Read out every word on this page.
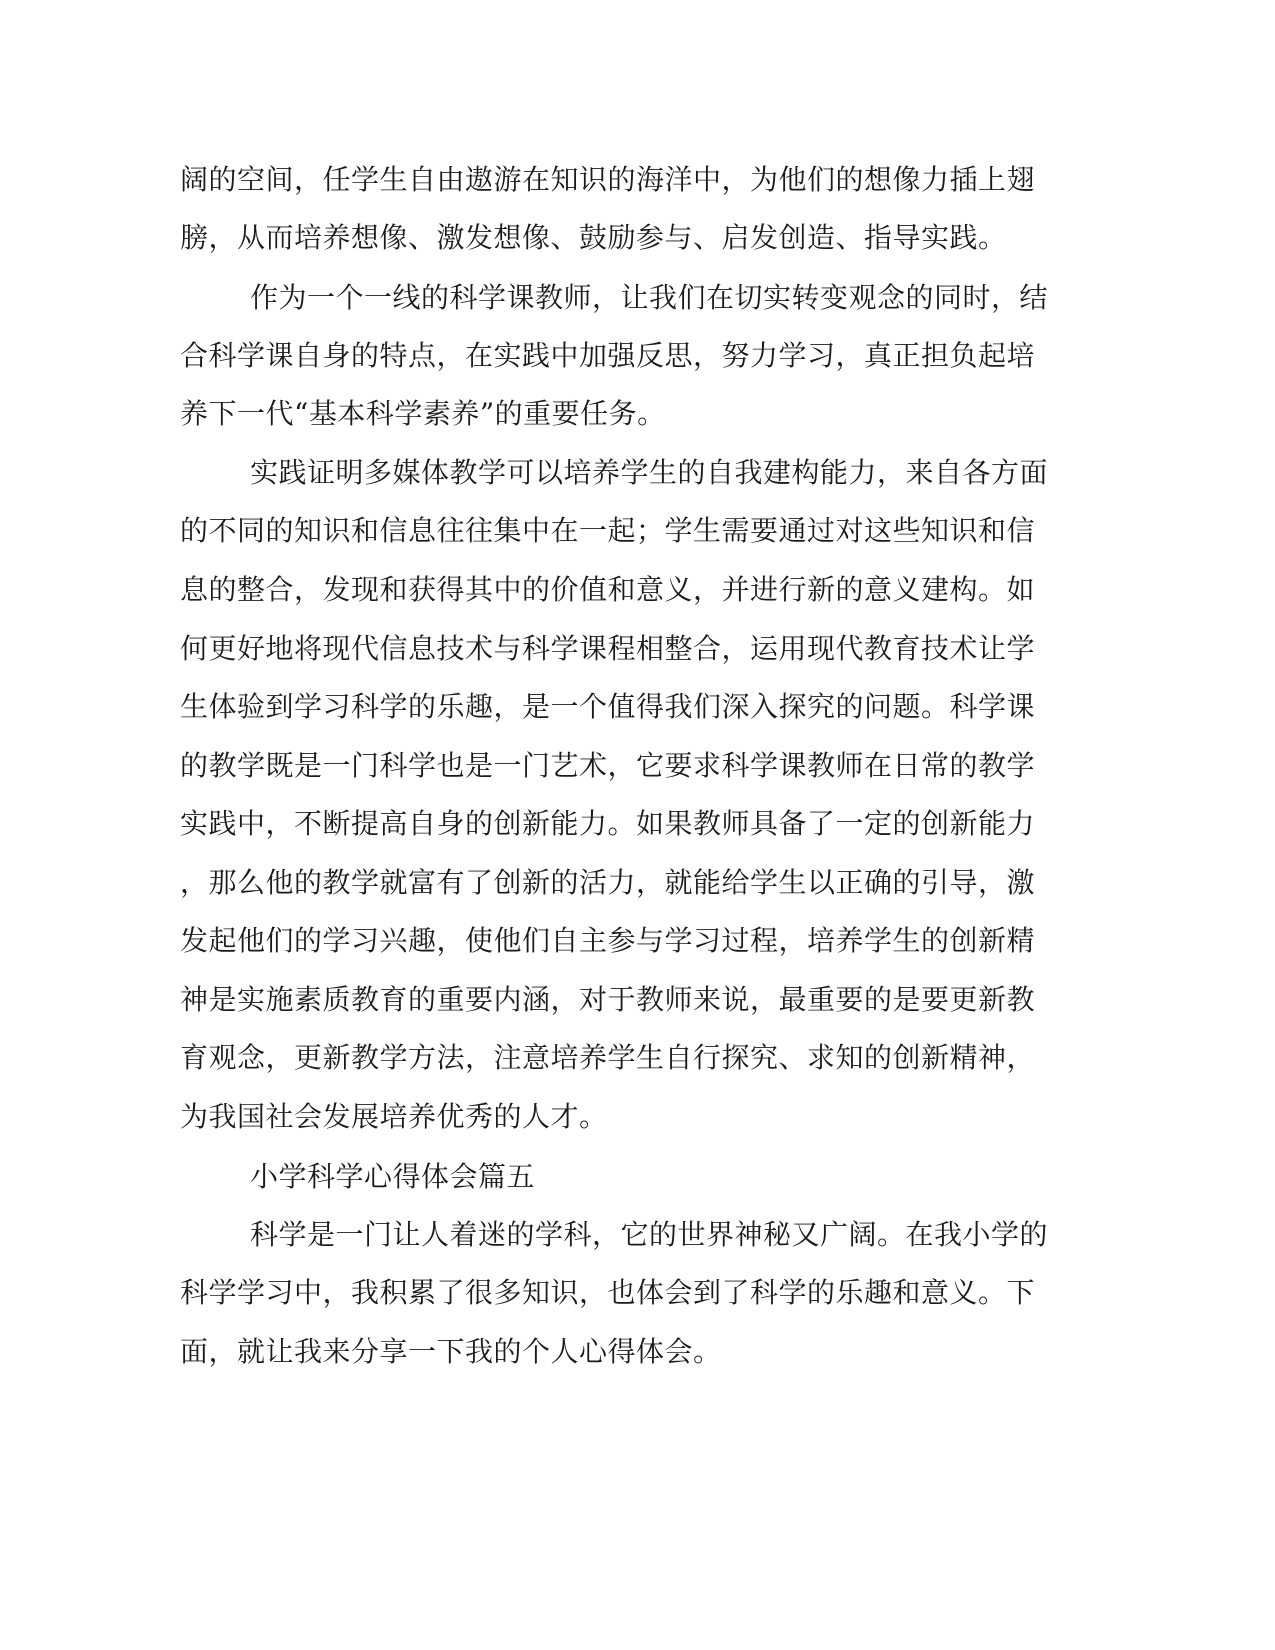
阔的空间，任学生自由遨游在知识的海洋中，为他们的想像力插上翅
膀，从而培养想像、激发想像、鼓励参与、启发创造、指导实践。
作为一个一线的科学课教师，让我们在切实转变观念的同时，结
合科学课自身的特点，在实践中加强反思，努力学习，真正担负起培
养下一代“基本科学素养”的重要任务。
实践证明多媒体教学可以培养学生的自我建构能力，来自各方面
的不同的知识和信息往往集中在一起；学生需要通过对这些知识和信
息的整合，发现和获得其中的价值和意义，并进行新的意义建构。如
何更好地将现代信息技术与科学课程相整合，运用现代教育技术让学
生体验到学习科学的乐趣，是一个值得我们深入探究的问题。科学课
的教学既是一门科学也是一门艺术，它要求科学课教师在日常的教学
实践中，不断提高自身的创新能力。如果教师具备了一定的创新能力
，那么他的教学就富有了创新的活力，就能给学生以正确的引导，激
发起他们的学习兴趣，使他们自主参与学习过程，培养学生的创新精
神是实施素质教育的重要内涵，对于教师来说，最重要的是要更新教
育观念，更新教学方法，注意培养学生自行探究、求知的创新精神，
为我国社会发展培养优秀的人才。
小学科学心得体会篇五
科学是一门让人着迷的学科，它的世界神秘又广阔。在我小学的
科学学习中，我积累了很多知识，也体会到了科学的乐趣和意义。下
面，就让我来分享一下我的个人心得体会。
